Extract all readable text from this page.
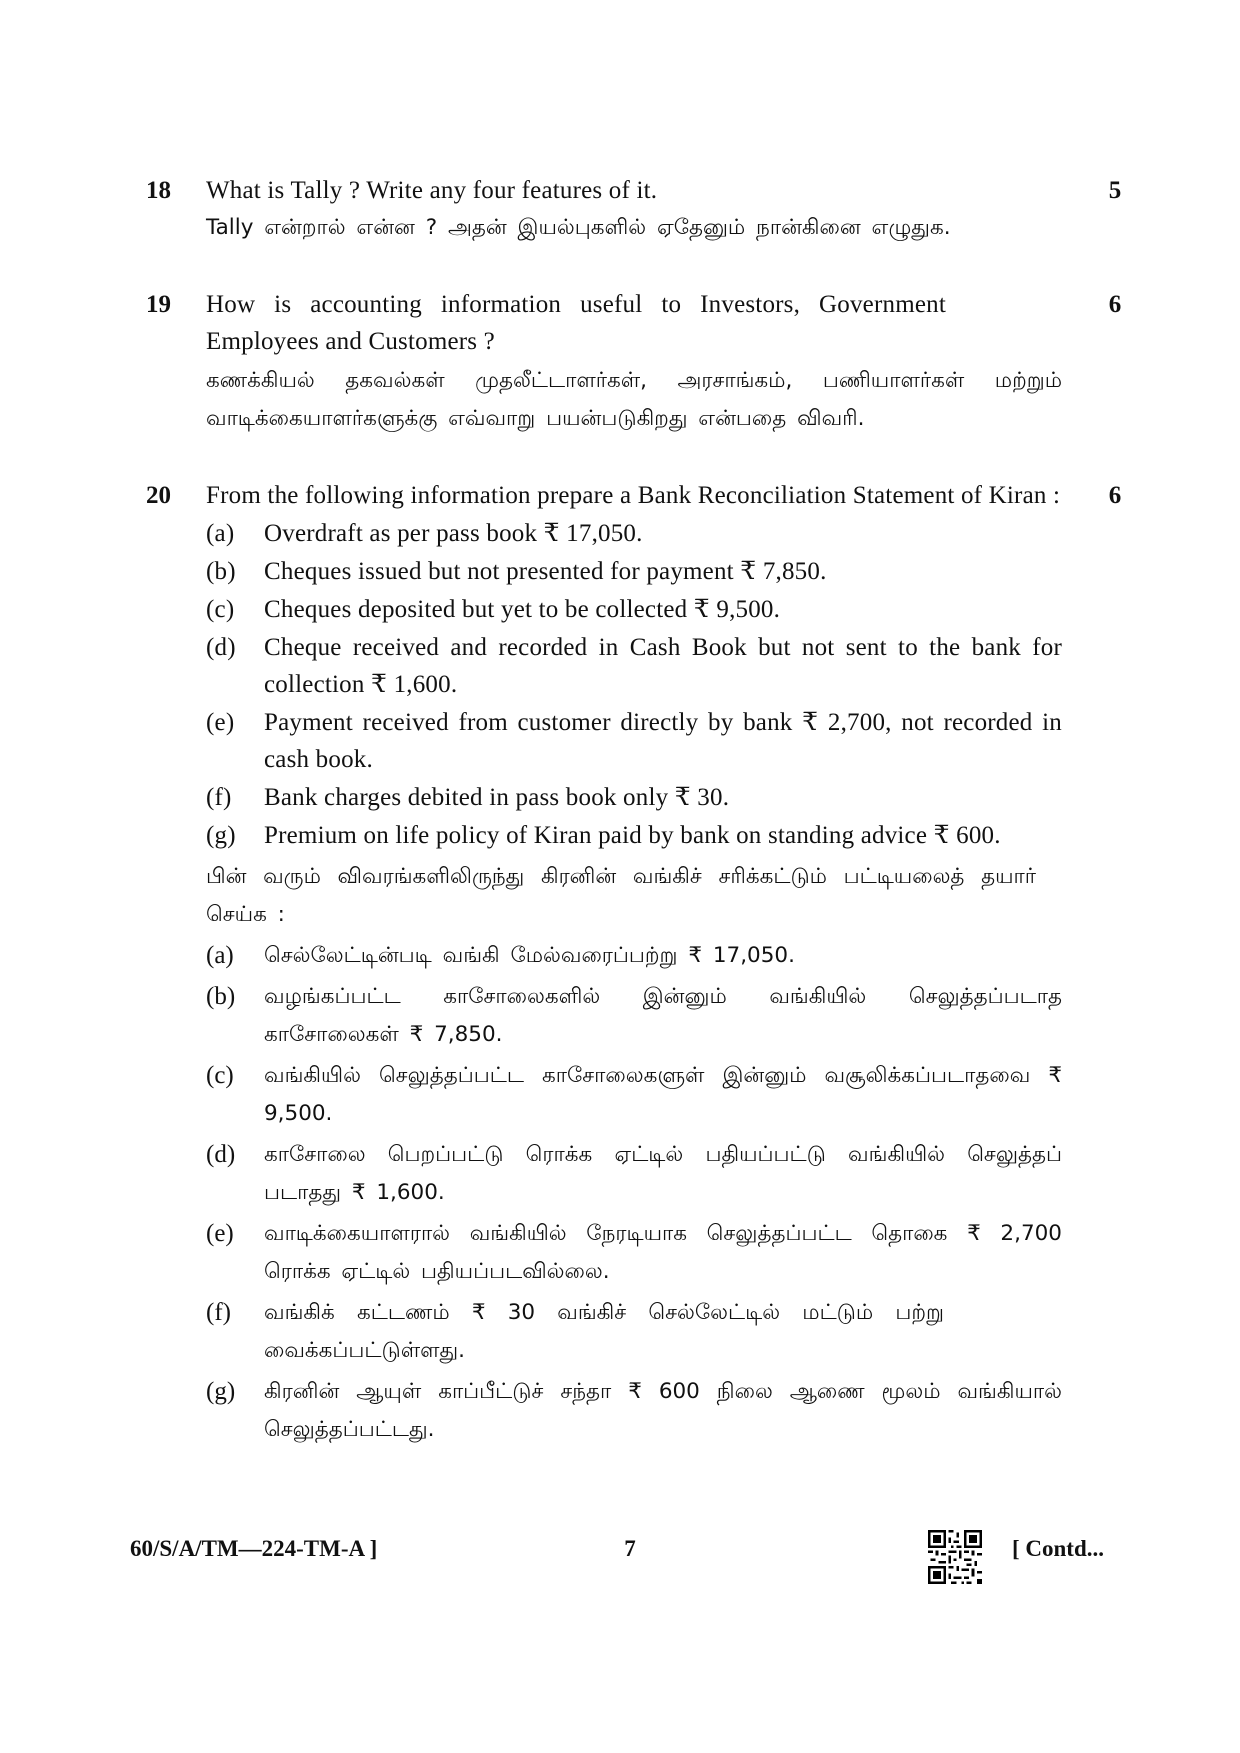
18 What is Tally ? Write any four features of it.
Tally என்றால் என்ன ? அதன் இயல்புகளில் ஏதேனும் நான்கினை எழுதுக.
5
19 How is accounting information useful to Investors, Government Employees and Customers ?
கணக்கியல் தகவல்கள் முதலீட்டாளர்கள், அரசாங்கம், பணியாளர்கள் மற்றும் வாடிக்கையாளர்களுக்கு எவ்வாறு பயன்படுகிறது என்பதை விவரி.
6
20 From the following information prepare a Bank Reconciliation Statement of Kiran :
(a) Overdraft as per pass book ₹ 17,050.
(b) Cheques issued but not presented for payment ₹ 7,850.
(c) Cheques deposited but yet to be collected ₹ 9,500.
(d) Cheque received and recorded in Cash Book but not sent to the bank for collection ₹ 1,600.
(e) Payment received from customer directly by bank ₹ 2,700, not recorded in cash book.
(f) Bank charges debited in pass book only ₹ 30.
(g) Premium on life policy of Kiran paid by bank on standing advice ₹ 600.
பின் வரும் விவரங்களிலிருந்து கிரனின் வங்கிச் சரிக்கட்டும் பட்டியலைத் தயார் செய்க :
(a) செல்லேட்டின்படி வங்கி மேல்வரைப்பற்று ₹ 17,050.
(b) வழங்கப்பட்ட காசோலைகளில் இன்னும் வங்கியில் செலுத்தப்படாத காசோலைகள் ₹ 7,850.
(c) வங்கியில் செலுத்தப்பட்ட காசோலைகளுள் இன்னும் வசூலிக்கப்படாதவை ₹ 9,500.
(d) காசோலை பெறப்பட்டு ரொக்க ஏட்டில் பதியப்பட்டு வங்கியில் செலுத்தப் படாதது ₹ 1,600.
(e) வாடிக்கையாளரால் வங்கியில் நேரடியாக செலுத்தப்பட்ட தொகை ₹ 2,700 ரொக்க ஏட்டில் பதியப்படவில்லை.
(f) வங்கிக் கட்டணம் ₹ 30 வங்கிச் செல்லேட்டில் மட்டும் பற்று வைக்கப்பட்டுள்ளது.
(g) கிரனின் ஆயுள் காப்பீட்டுச் சந்தா ₹ 600 நிலை ஆணை மூலம் வங்கியால் செலுத்தப்பட்டது.
6
60/S/A/TM—224-TM-A ]	7	[ Contd...
